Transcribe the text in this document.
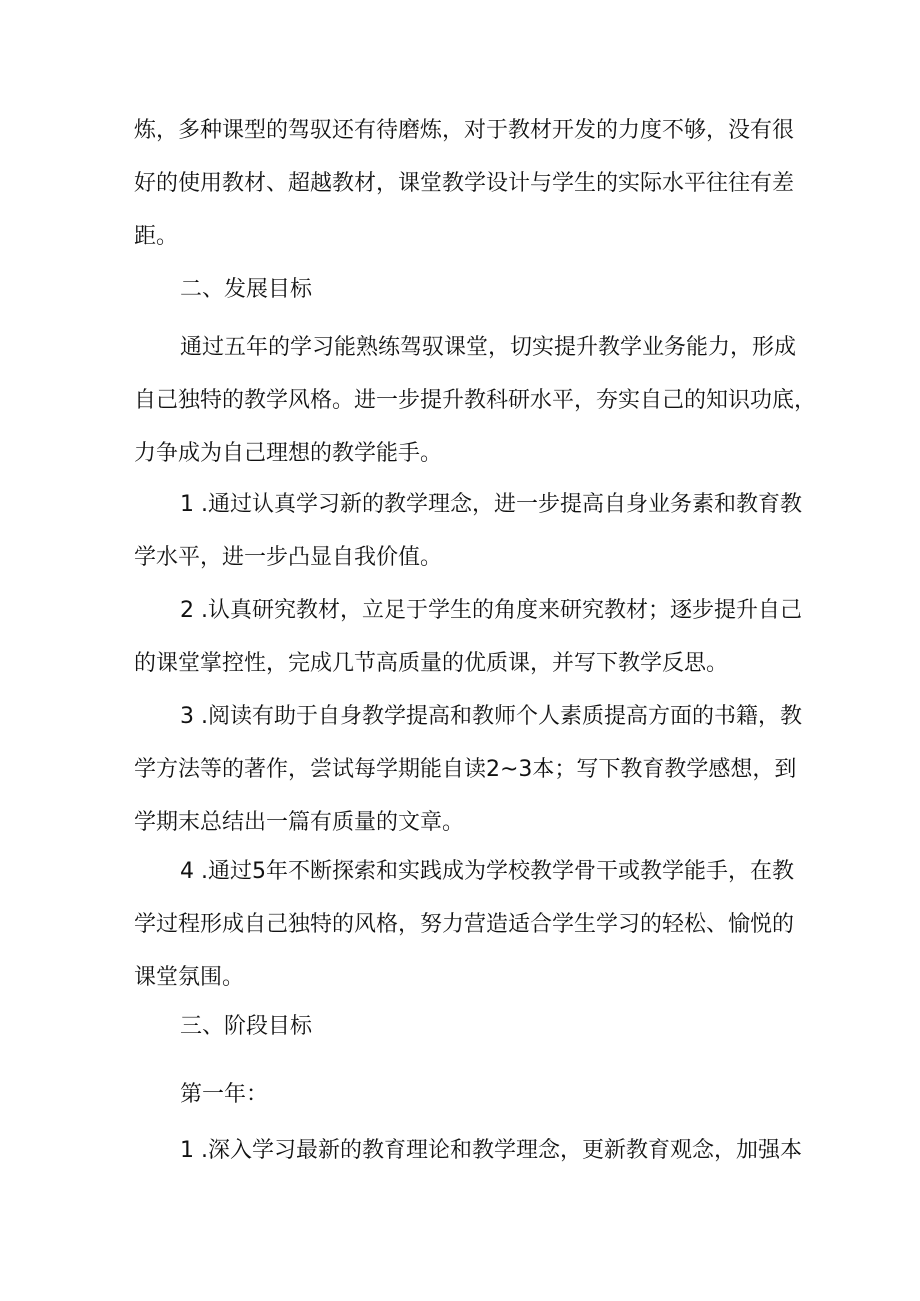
炼，多种课型的驾驭还有待磨炼，对于教材开发的力度不够，没有很
好的使用教材、超越教材，课堂教学设计与学生的实际水平往往有差
距。

二、发展目标

通过五年的学习能熟练驾驭课堂，切实提升教学业务能力，形成
自己独特的教学风格。进一步提升教科研水平，夯实自己的知识功底，
力争成为自己理想的教学能手。

1 .通过认真学习新的教学理念，进一步提高自身业务素和教育教
学水平，进一步凸显自我价值。

2 .认真研究教材，立足于学生的角度来研究教材；逐步提升自己
的课堂掌控性，完成几节高质量的优质课，并写下教学反思。

3 .阅读有助于自身教学提高和教师个人素质提高方面的书籍，教
学方法等的著作，尝试每学期能自读2~3本；写下教育教学感想，到
学期末总结出一篇有质量的文章。

4 .通过5年不断探索和实践成为学校教学骨干或教学能手，在教
学过程形成自己独特的风格，努力营造适合学生学习的轻松、愉悦的
课堂氛围。

三、阶段目标

第一年：

1 .深入学习最新的教育理论和教学理念，更新教育观念，加强本
